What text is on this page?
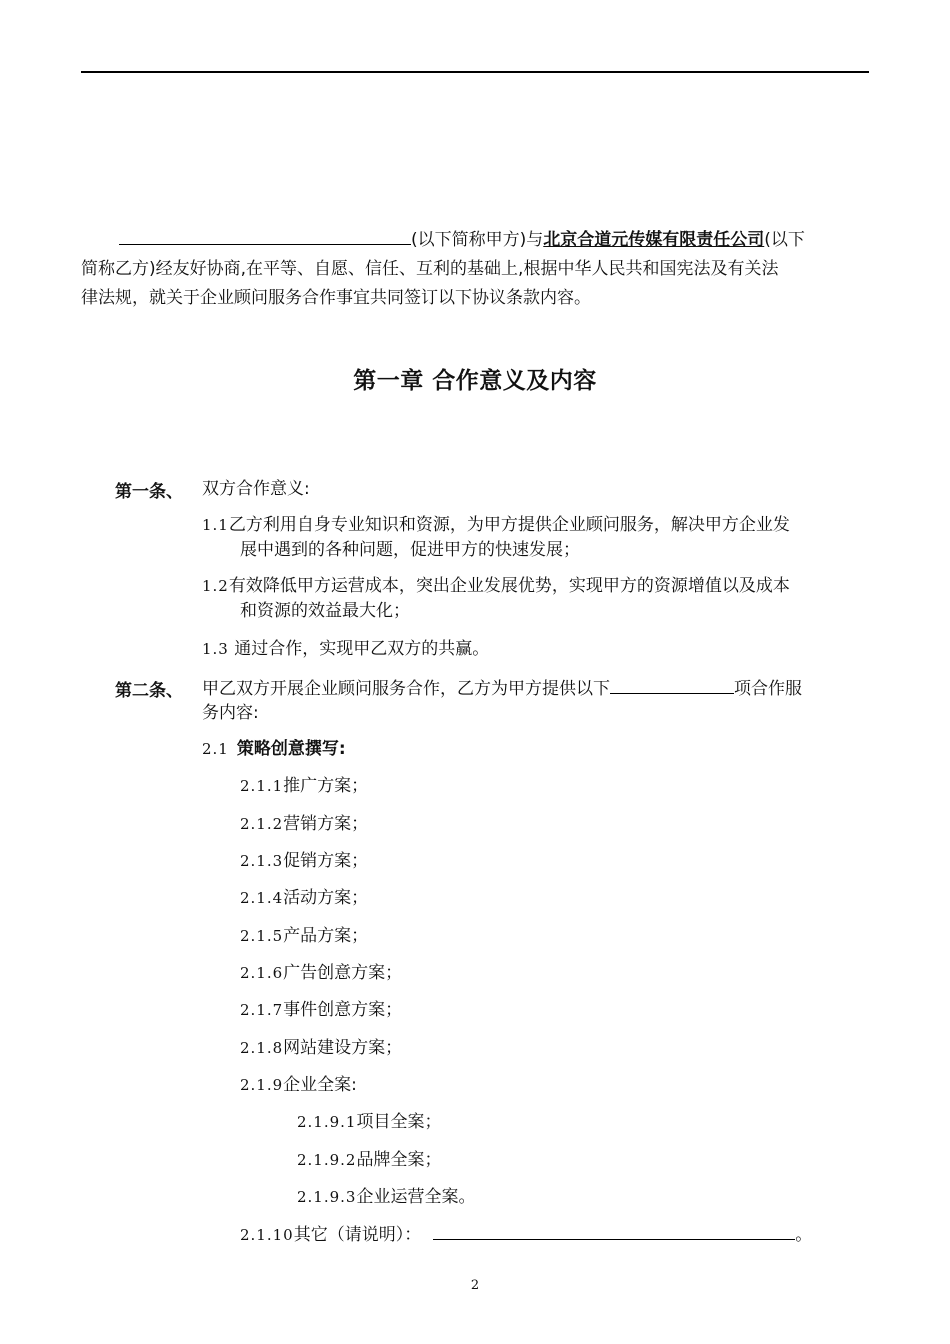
(以下简称甲方)与北京合道元传媒有限责任公司(以下
简称乙方)经友好协商,在平等、自愿、信任、互利的基础上,根据中华人民共和国宪法及有关法
律法规，就关于企业顾问服务合作事宜共同签订以下协议条款内容。
第一章 合作意义及内容
第一条、 双方合作意义:
1.1乙方利用自身专业知识和资源，为甲方提供企业顾问服务，解决甲方企业发
展中遇到的各种问题，促进甲方的快速发展；
1.2有效降低甲方运营成本，突出企业发展优势，实现甲方的资源增值以及成本
和资源的效益最大化；
1.3 通过合作，实现甲乙双方的共赢。
第二条、 甲乙双方开展企业顾问服务合作，乙方为甲方提供以下	项合作服
务内容:
2.1 策略创意撰写:
2.1.1推广方案；
2.1.2营销方案；
2.1.3促销方案；
2.1.4活动方案；
2.1.5产品方案；
2.1.6广告创意方案；
2.1.7事件创意方案；
2.1.8网站建设方案；
2.1.9企业全案:
2.1.9.1项目全案；
2.1.9.2品牌全案；
2.1.9.3企业运营全案。
2.1.10其它（请说明）：	。
2
